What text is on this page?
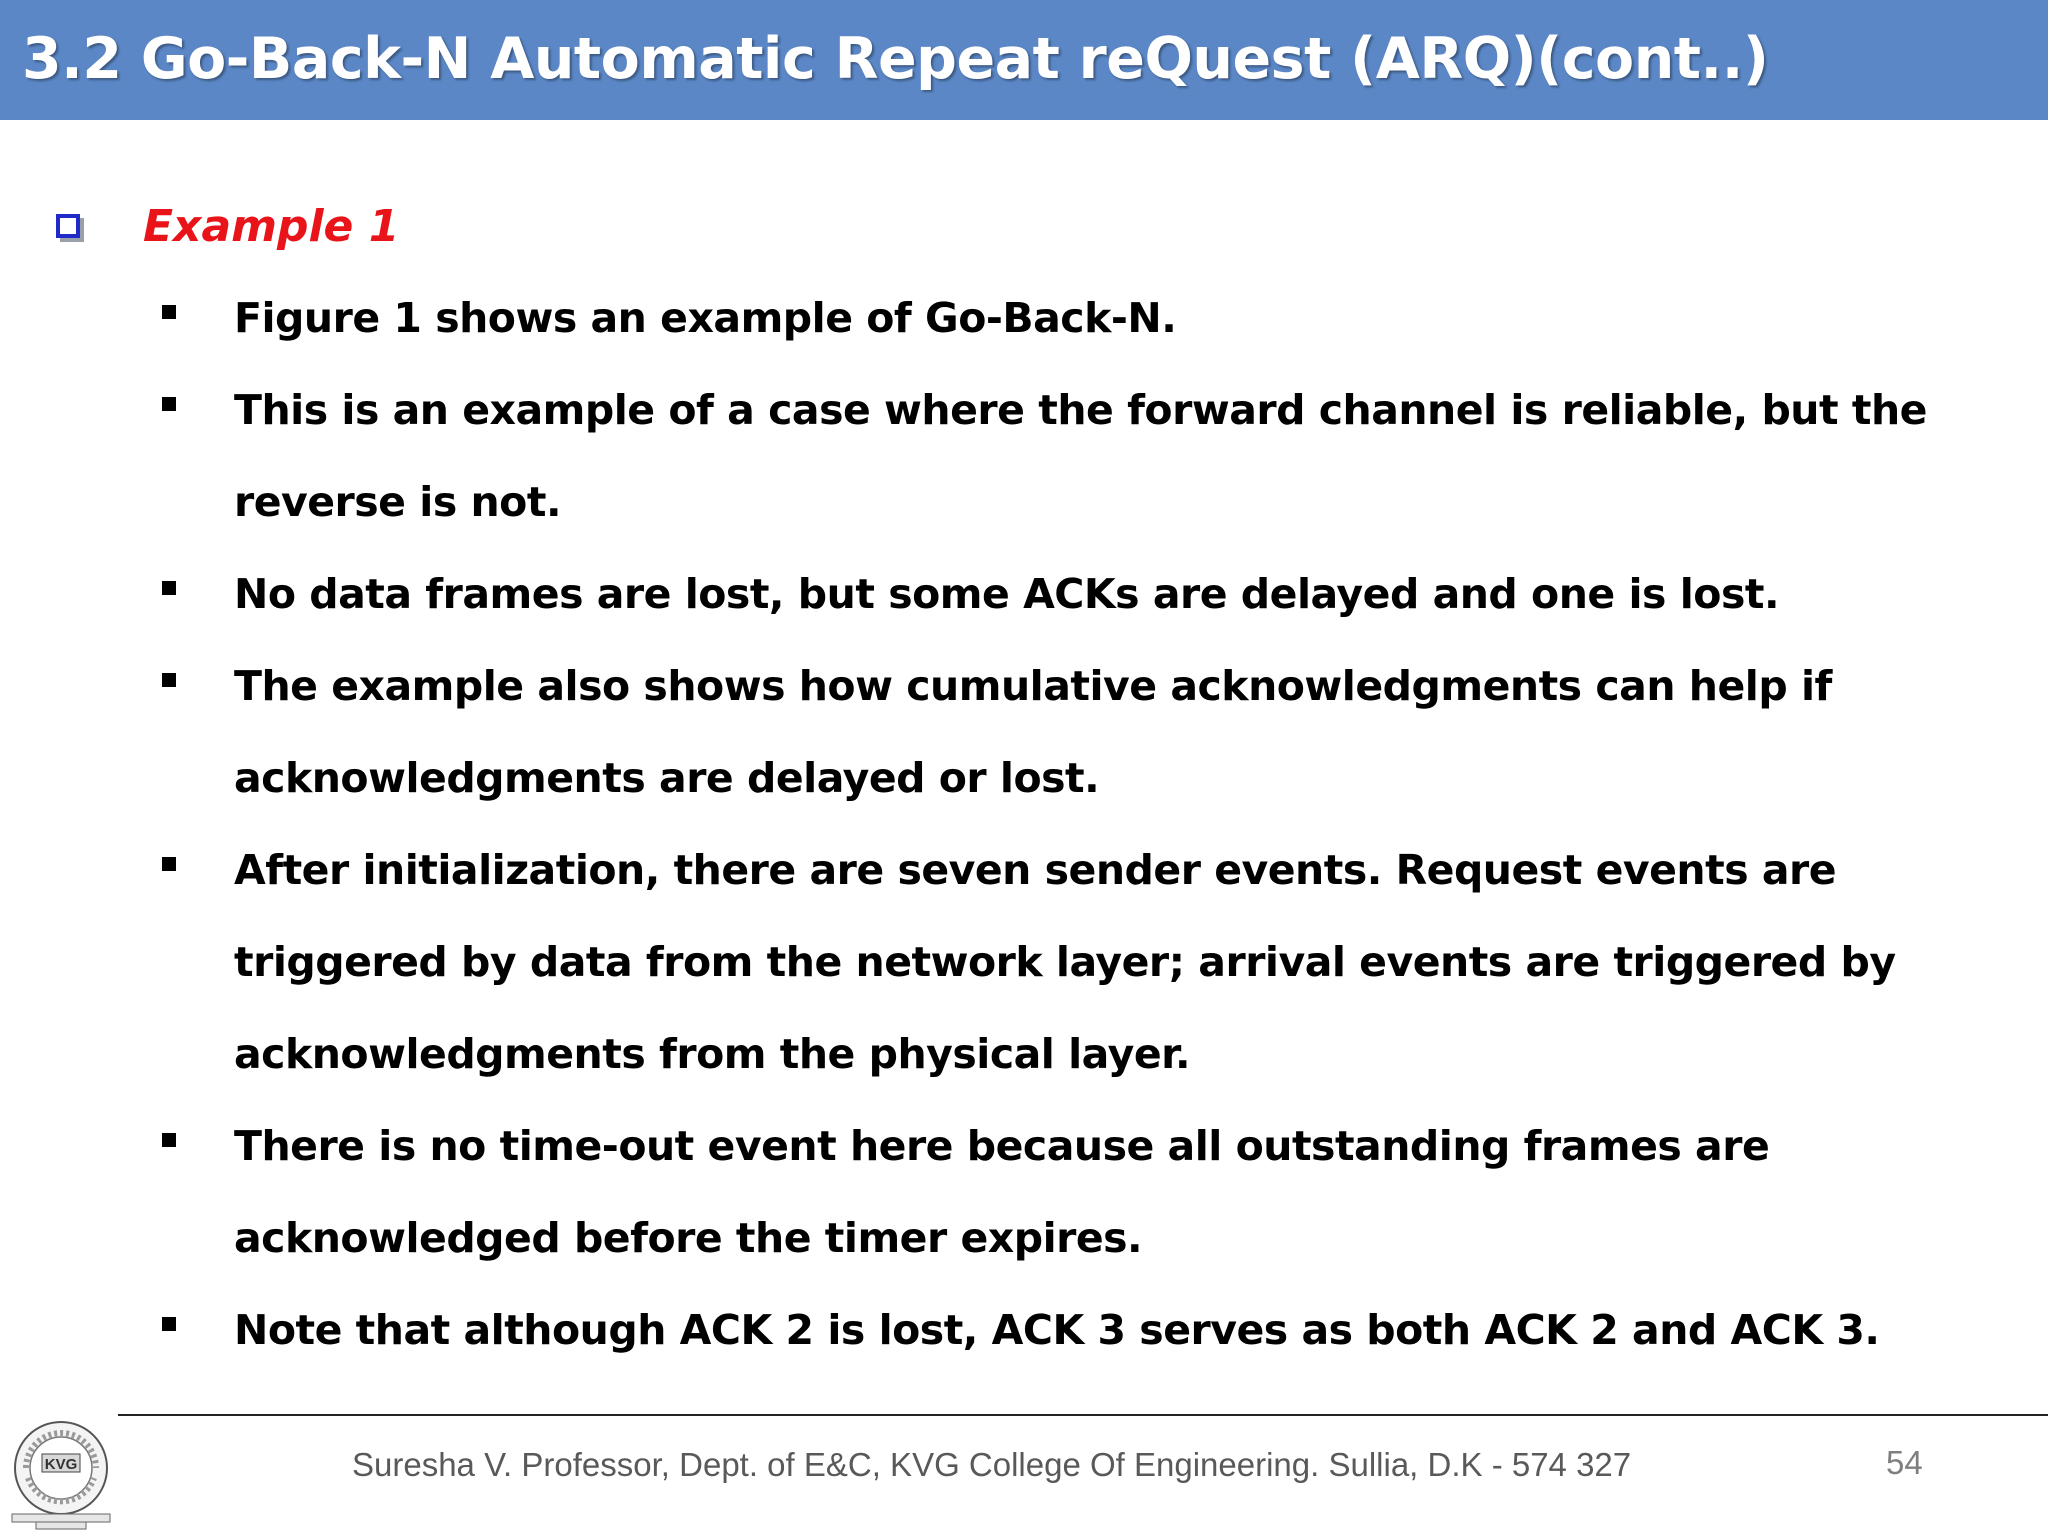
3.2 Go-Back-N Automatic Repeat reQuest (ARQ)(cont..)
Example 1
Figure 1 shows an example of Go-Back-N.
This is an example of a case where the forward channel is reliable, but the reverse is not.
No data frames are lost, but some ACKs are delayed and one is lost.
The example also shows how cumulative acknowledgments can help if acknowledgments are delayed or lost.
After initialization, there are seven sender events. Request events are triggered by data from the network layer; arrival events are triggered by acknowledgments from the physical layer.
There is no time-out event here because all outstanding frames are acknowledged before the timer expires.
Note that although ACK 2 is lost, ACK 3 serves as both ACK 2 and ACK 3.
KVG	Suresha V. Professor, Dept. of E&C, KVG College Of Engineering. Sullia, D.K - 574 327	54
